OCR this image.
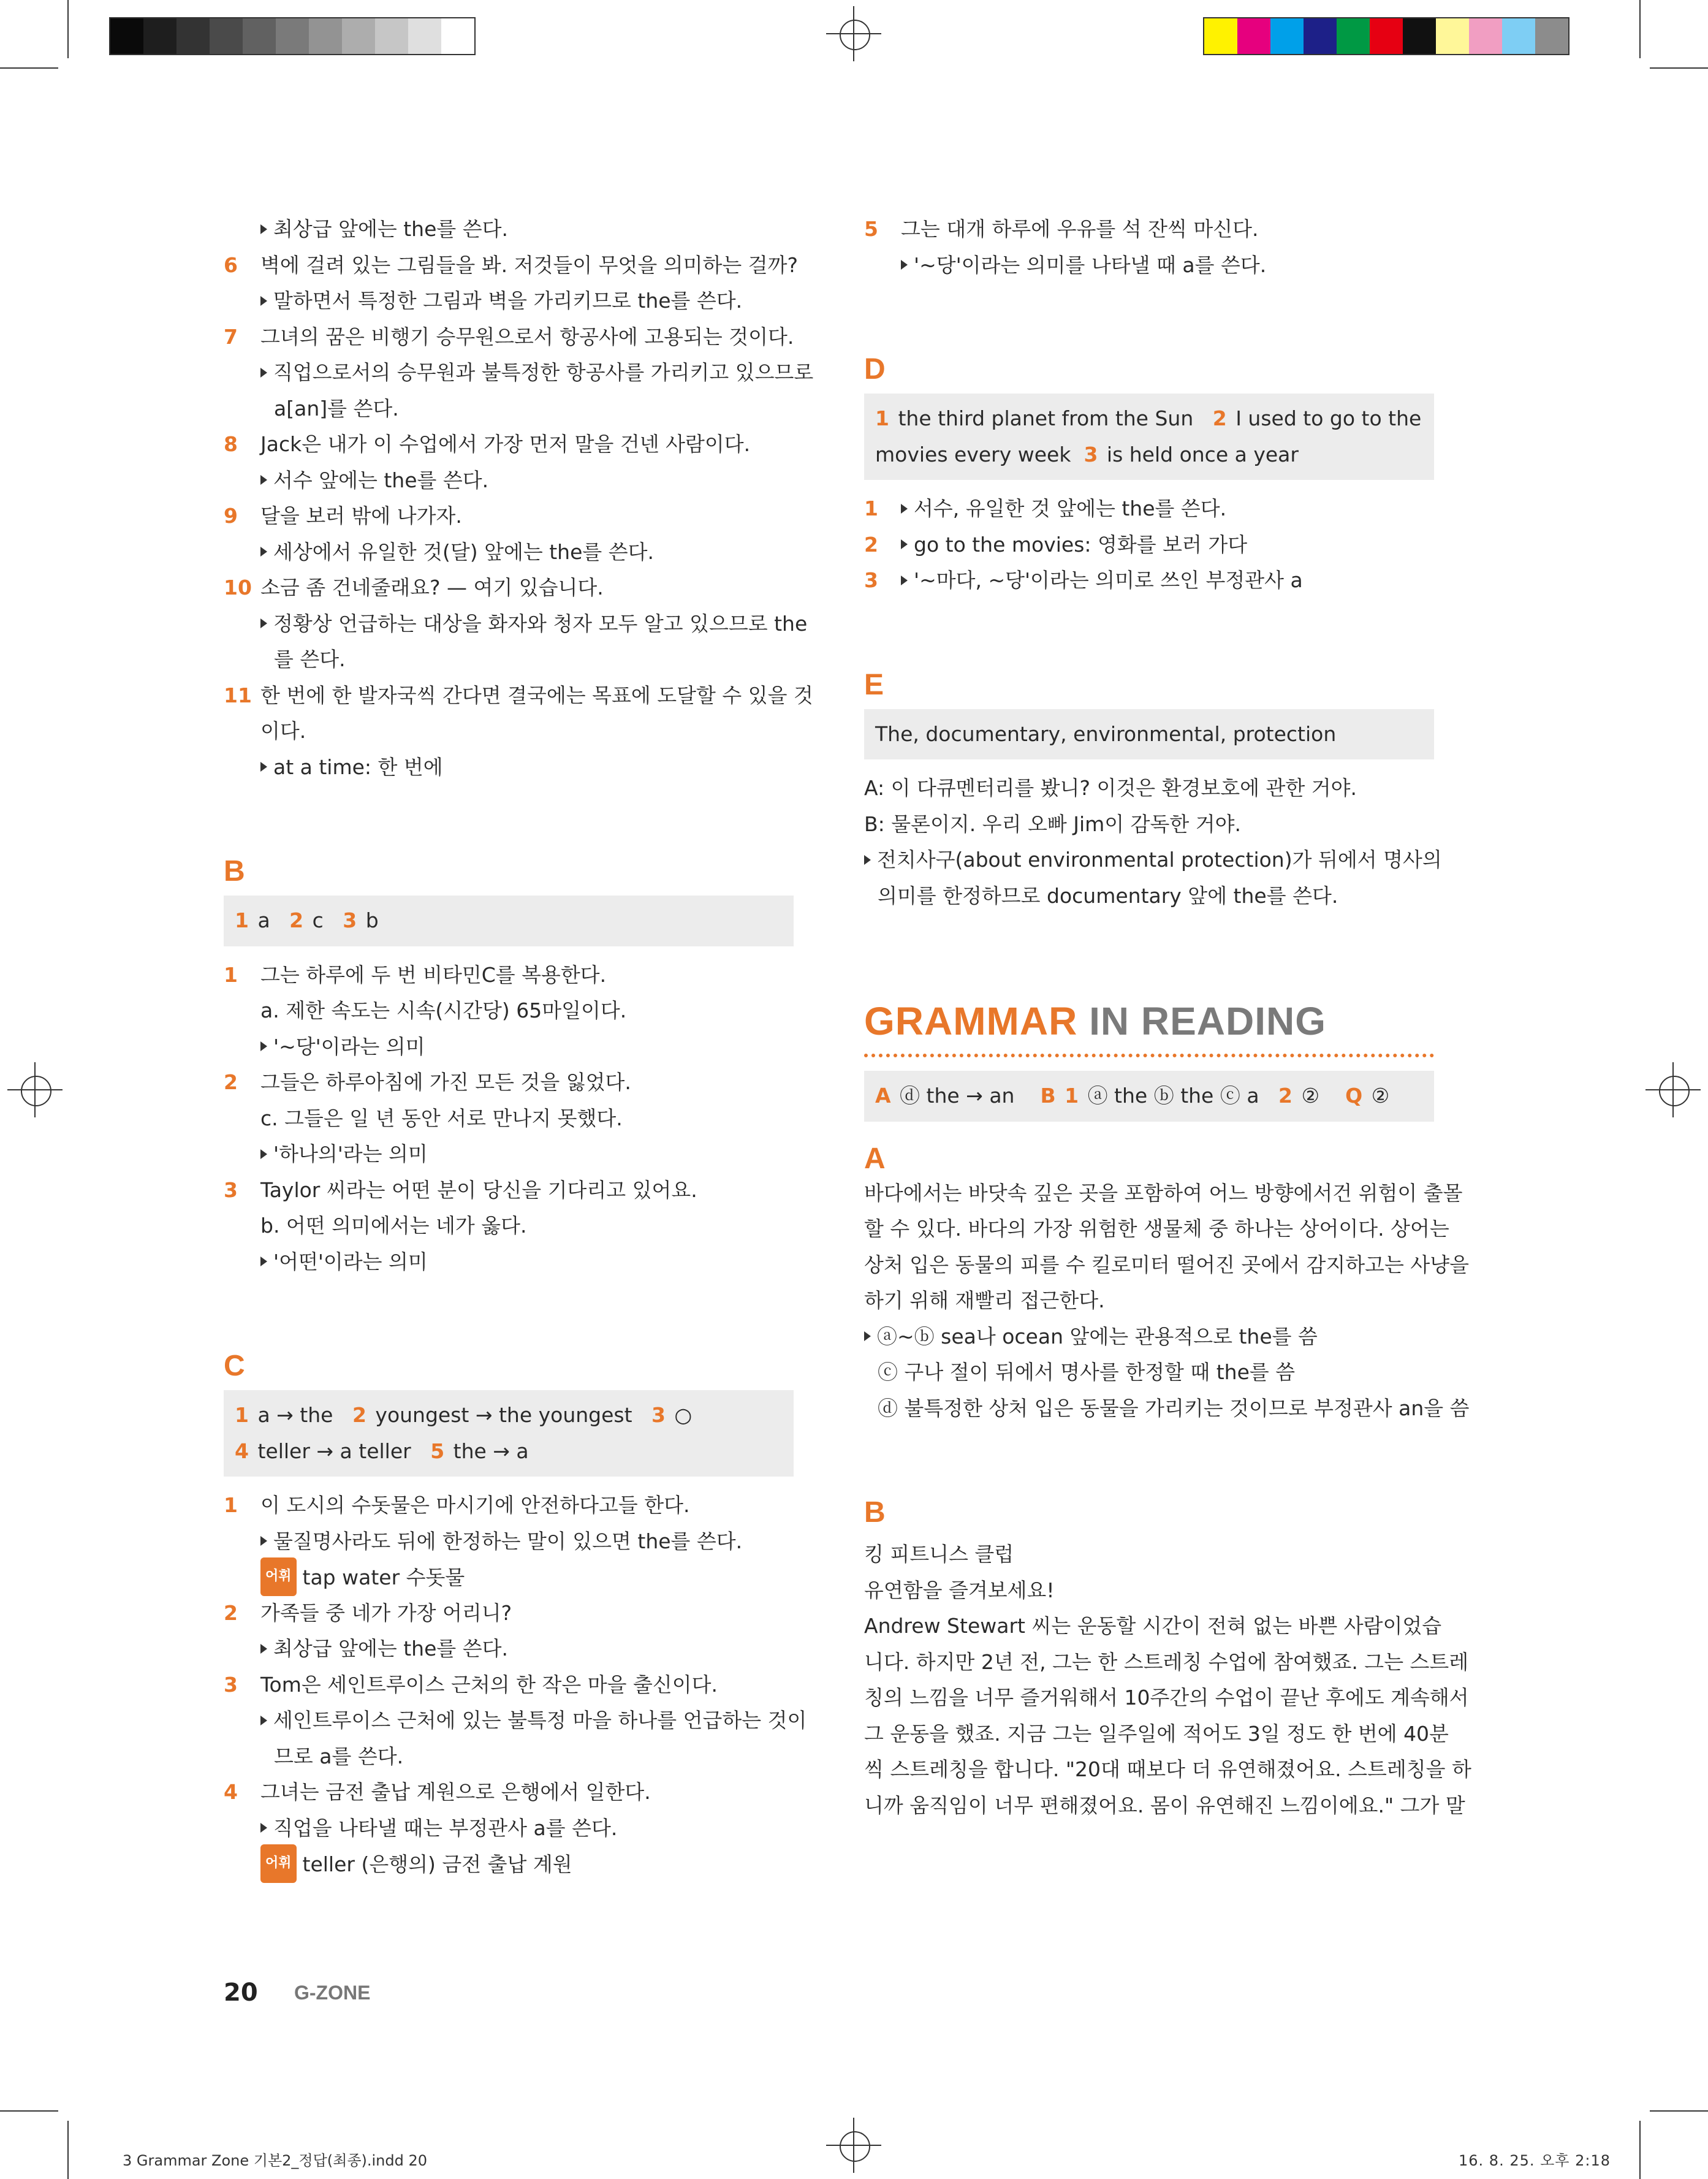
최상급 앞에는 the를 쓴다.
6 벽에 걸려 있는 그림들을 봐. 저것들이 무엇을 의미하는 걸까?
말하면서 특정한 그림과 벽을 가리키므로 the를 쓴다.
7 그녀의 꿈은 비행기 승무원으로서 항공사에 고용되는 것이다.
직업으로서의 승무원과 불특정한 항공사를 가리키고 있으므로
a[an]를 쓴다.
8 Jack은 내가 이 수업에서 가장 먼저 말을 건넨 사람이다.
서수 앞에는 the를 쓴다.
9 달을 보러 밖에 나가자.
세상에서 유일한 것(달) 앞에는 the를 쓴다.
10 소금 좀 건네줄래요? — 여기 있습니다.
정황상 언급하는 대상을 화자와 청자 모두 알고 있으므로 the
를 쓴다.
11 한 번에 한 발자국씩 간다면 결국에는 목표에 도달할 수 있을 것
이다.
at a time: 한 번에
B
1 a 2 c 3 b
1 그는 하루에 두 번 비타민C를 복용한다.
a. 제한 속도는 시속(시간당) 65마일이다.
'~당'이라는 의미
2 그들은 하루아침에 가진 모든 것을 잃었다.
c. 그들은 일 년 동안 서로 만나지 못했다.
'하나의'라는 의미
3 Taylor 씨라는 어떤 분이 당신을 기다리고 있어요.
b. 어떤 의미에서는 네가 옳다.
'어떤'이라는 의미
C
1 a → the 2 youngest → the youngest 3 ○
4 teller → a teller 5 the → a
1 이 도시의 수돗물은 마시기에 안전하다고들 한다.
물질명사라도 뒤에 한정하는 말이 있으면 the를 쓴다.
어휘 tap water 수돗물
2 가족들 중 네가 가장 어리니?
최상급 앞에는 the를 쓴다.
3 Tom은 세인트루이스 근처의 한 작은 마을 출신이다.
세인트루이스 근처에 있는 불특정 마을 하나를 언급하는 것이
므로 a를 쓴다.
4 그녀는 금전 출납 계원으로 은행에서 일한다.
직업을 나타낼 때는 부정관사 a를 쓴다.
어휘 teller (은행의) 금전 출납 계원
5 그는 대개 하루에 우유를 석 잔씩 마신다.
'~당'이라는 의미를 나타낼 때 a를 쓴다.
D
1 the third planet from the Sun 2 I used to go to the
movies every week 3 is held once a year
1	서수, 유일한 것 앞에는 the를 쓴다.
2	go to the movies: 영화를 보러 가다
3	'~마다, ~당'이라는 의미로 쓰인 부정관사 a
E
The, documentary, environmental, protection
A: 이 다큐멘터리를 봤니? 이것은 환경보호에 관한 거야.
B: 물론이지. 우리 오빠 Jim이 감독한 거야.
전치사구(about environmental protection)가 뒤에서 명사의
의미를 한정하므로 documentary 앞에 the를 쓴다.
GRAMMAR IN READING
A ⓓ the → an B 1 ⓐ the ⓑ the ⓒ a 2 ② Q ②
A
바다에서는 바닷속 깊은 곳을 포함하여 어느 방향에서건 위험이 출몰
할 수 있다. 바다의 가장 위험한 생물체 중 하나는 상어이다. 상어는
상처 입은 동물의 피를 수 킬로미터 떨어진 곳에서 감지하고는 사냥을
하기 위해 재빨리 접근한다.
ⓐ~ⓑ sea나 ocean 앞에는 관용적으로 the를 씀
ⓒ 구나 절이 뒤에서 명사를 한정할 때 the를 씀
ⓓ 불특정한 상처 입은 동물을 가리키는 것이므로 부정관사 an을 씀
B
킹 피트니스 클럽
유연함을 즐겨보세요!
Andrew Stewart 씨는 운동할 시간이 전혀 없는 바쁜 사람이었습
니다. 하지만 2년 전, 그는 한 스트레칭 수업에 참여했죠. 그는 스트레
칭의 느낌을 너무 즐거워해서 10주간의 수업이 끝난 후에도 계속해서
그 운동을 했죠. 지금 그는 일주일에 적어도 3일 정도 한 번에 40분
씩 스트레칭을 합니다. "20대 때보다 더 유연해졌어요. 스트레칭을 하
니까 움직임이 너무 편해졌어요. 몸이 유연해진 느낌이에요." 그가 말
20 G-ZONE
3 Grammar Zone 기본2_정답(최종).indd 20	16. 8. 25. 오후 2:18
